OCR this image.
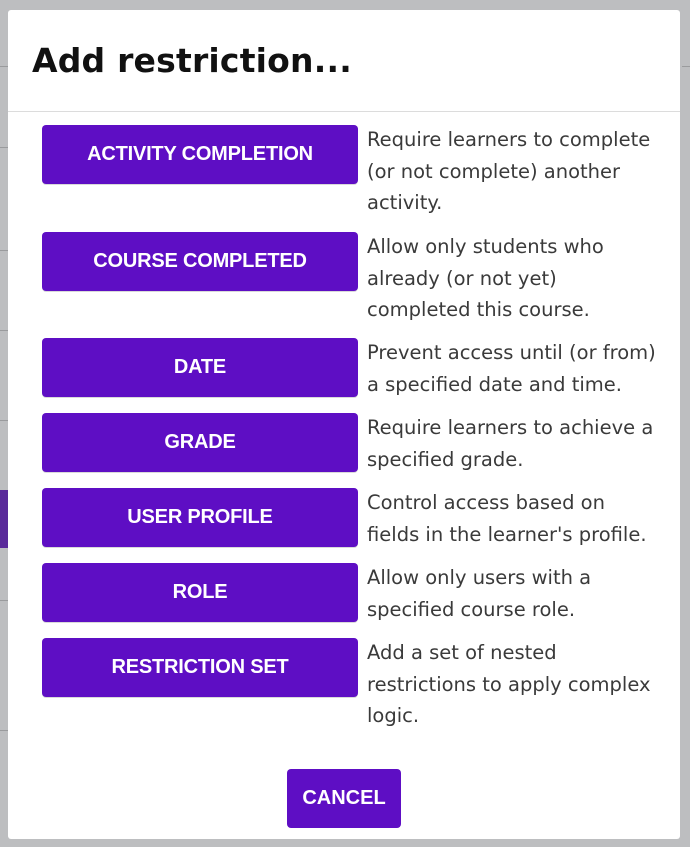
Add restriction...
ACTIVITY COMPLETION
Require learners to complete (or not complete) another activity.
COURSE COMPLETED
Allow only students who already (or not yet) completed this course.
DATE
Prevent access until (or from) a specified date and time.
GRADE
Require learners to achieve a specified grade.
USER PROFILE
Control access based on fields in the learner's profile.
ROLE
Allow only users with a specified course role.
RESTRICTION SET
Add a set of nested restrictions to apply complex logic.
CANCEL
